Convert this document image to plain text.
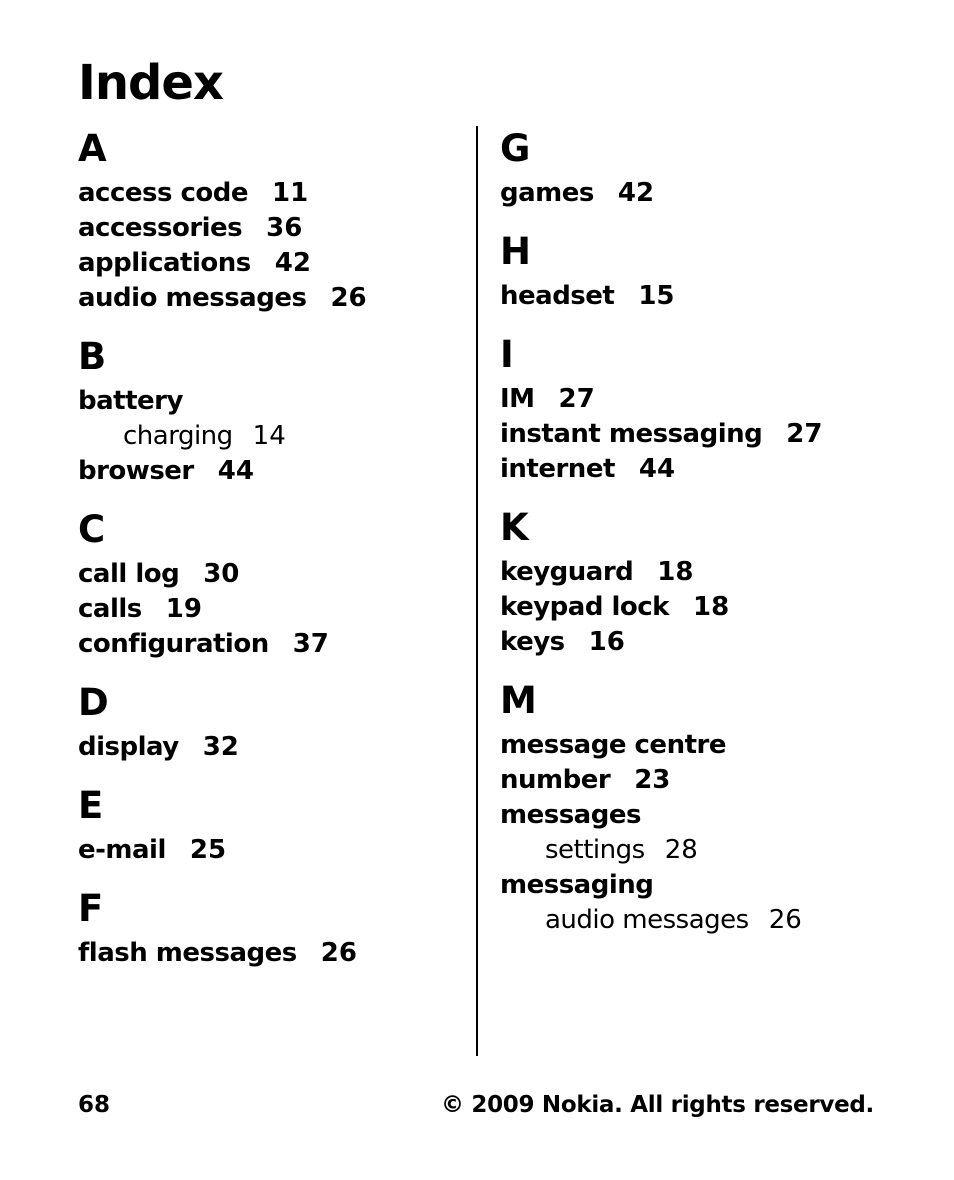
Index
A
access code 11
accessories 36
applications 42
audio messages 26
B
battery
charging 14
browser 44
C
call log 30
calls 19
configuration 37
D
display 32
E
e-mail 25
F
flash messages 26
G
games 42
H
headset 15
I
IM 27
instant messaging 27
internet 44
K
keyguard 18
keypad lock 18
keys 16
M
message centre
number 23
messages
settings 28
messaging
audio messages 26
68	© 2009 Nokia. All rights reserved.
